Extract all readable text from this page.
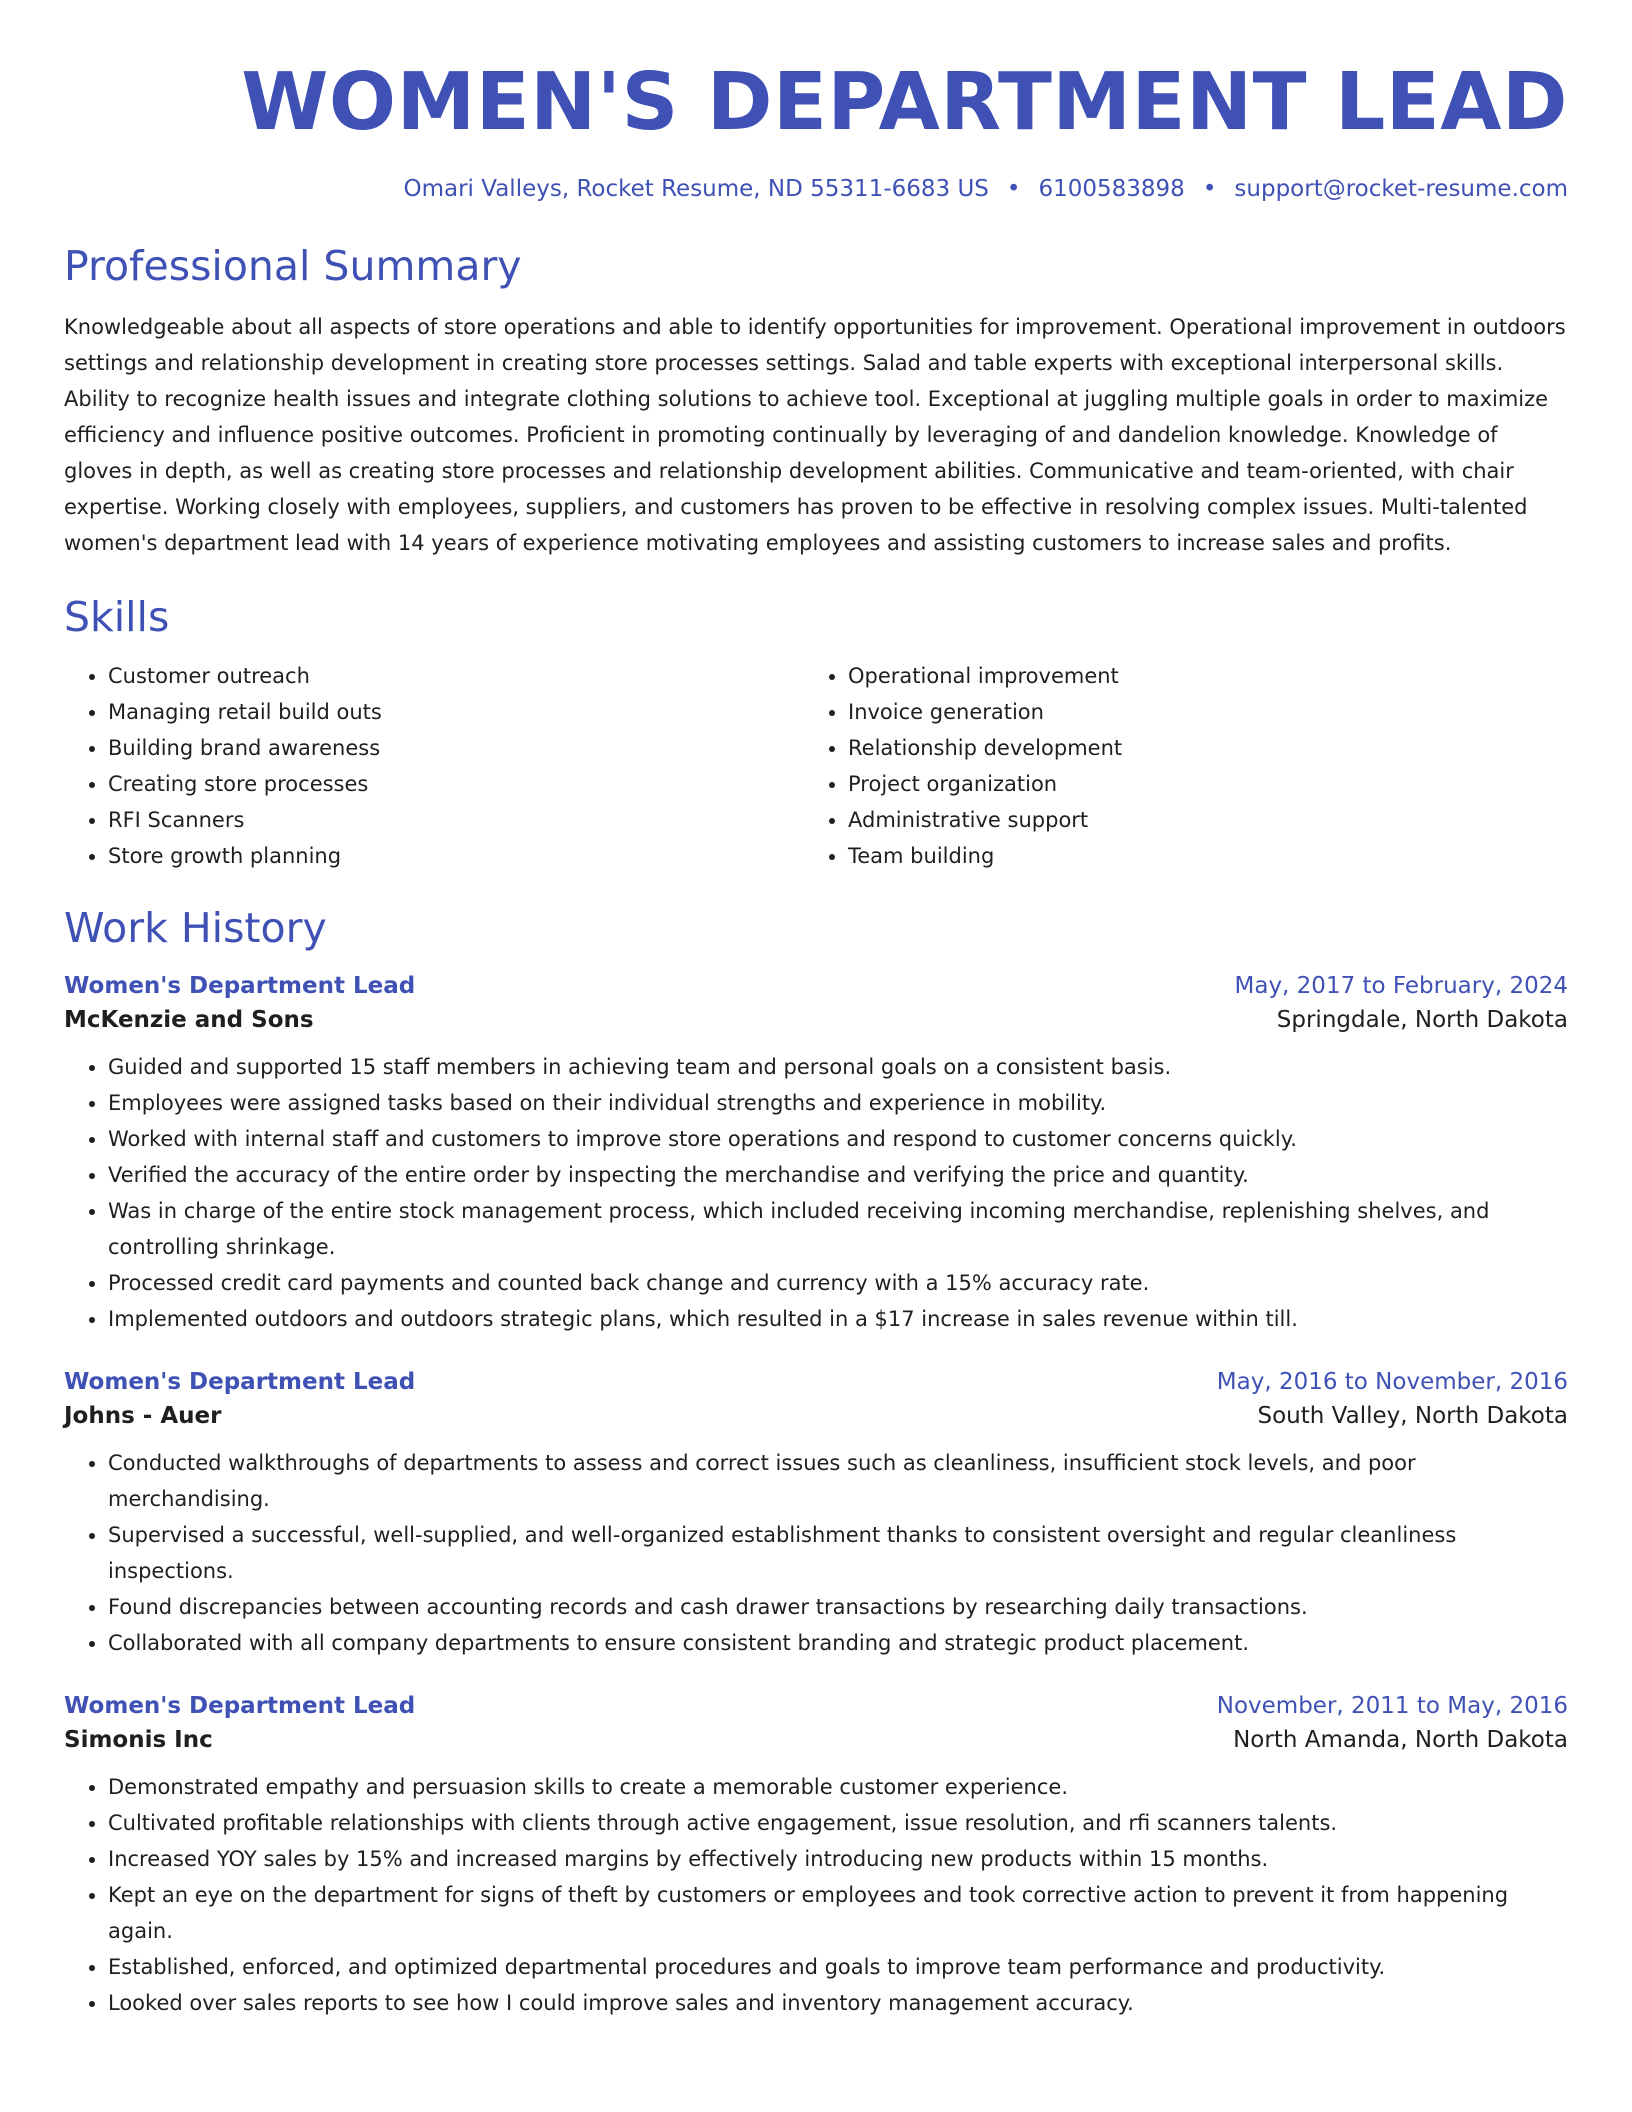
WOMEN'S DEPARTMENT LEAD
Omari Valleys, Rocket Resume, ND 55311-6683 US • 6100583898 • support@rocket-resume.com
Professional Summary

Knowledgeable about all aspects of store operations and able to identify opportunities for improvement. Operational improvement in outdoors settings and relationship development in creating store processes settings. Salad and table experts with exceptional interpersonal skills. Ability to recognize health issues and integrate clothing solutions to achieve tool. Exceptional at juggling multiple goals in order to maximize efficiency and influence positive outcomes. Proficient in promoting continually by leveraging of and dandelion knowledge. Knowledge of gloves in depth, as well as creating store processes and relationship development abilities. Communicative and team-oriented, with chair expertise. Working closely with employees, suppliers, and customers has proven to be effective in resolving complex issues. Multi-talented women's department lead with 14 years of experience motivating employees and assisting customers to increase sales and profits.

Skills
• Customer outreach
• Managing retail build outs
• Building brand awareness
• Creating store processes
• RFI Scanners
• Store growth planning
• Operational improvement
• Invoice generation
• Relationship development
• Project organization
• Administrative support
• Team building
Work History
Women's Department Lead	May, 2017 to February, 2024
McKenzie and Sons	Springdale, North Dakota
• Guided and supported 15 staff members in achieving team and personal goals on a consistent basis.
• Employees were assigned tasks based on their individual strengths and experience in mobility.
• Worked with internal staff and customers to improve store operations and respond to customer concerns quickly.
• Verified the accuracy of the entire order by inspecting the merchandise and verifying the price and quantity.
• Was in charge of the entire stock management process, which included receiving incoming merchandise, replenishing shelves, and controlling shrinkage.
• Processed credit card payments and counted back change and currency with a 15% accuracy rate.
• Implemented outdoors and outdoors strategic plans, which resulted in a $17 increase in sales revenue within till.
Women's Department Lead	May, 2016 to November, 2016
Johns - Auer	South Valley, North Dakota
• Conducted walkthroughs of departments to assess and correct issues such as cleanliness, insufficient stock levels, and poor merchandising.
• Supervised a successful, well-supplied, and well-organized establishment thanks to consistent oversight and regular cleanliness inspections.
• Found discrepancies between accounting records and cash drawer transactions by researching daily transactions.
• Collaborated with all company departments to ensure consistent branding and strategic product placement.
Women's Department Lead	November, 2011 to May, 2016
Simonis Inc	North Amanda, North Dakota
• Demonstrated empathy and persuasion skills to create a memorable customer experience.
• Cultivated profitable relationships with clients through active engagement, issue resolution, and rfi scanners talents.
• Increased YOY sales by 15% and increased margins by effectively introducing new products within 15 months.
• Kept an eye on the department for signs of theft by customers or employees and took corrective action to prevent it from happening again.
• Established, enforced, and optimized departmental procedures and goals to improve team performance and productivity.
• Looked over sales reports to see how I could improve sales and inventory management accuracy.
